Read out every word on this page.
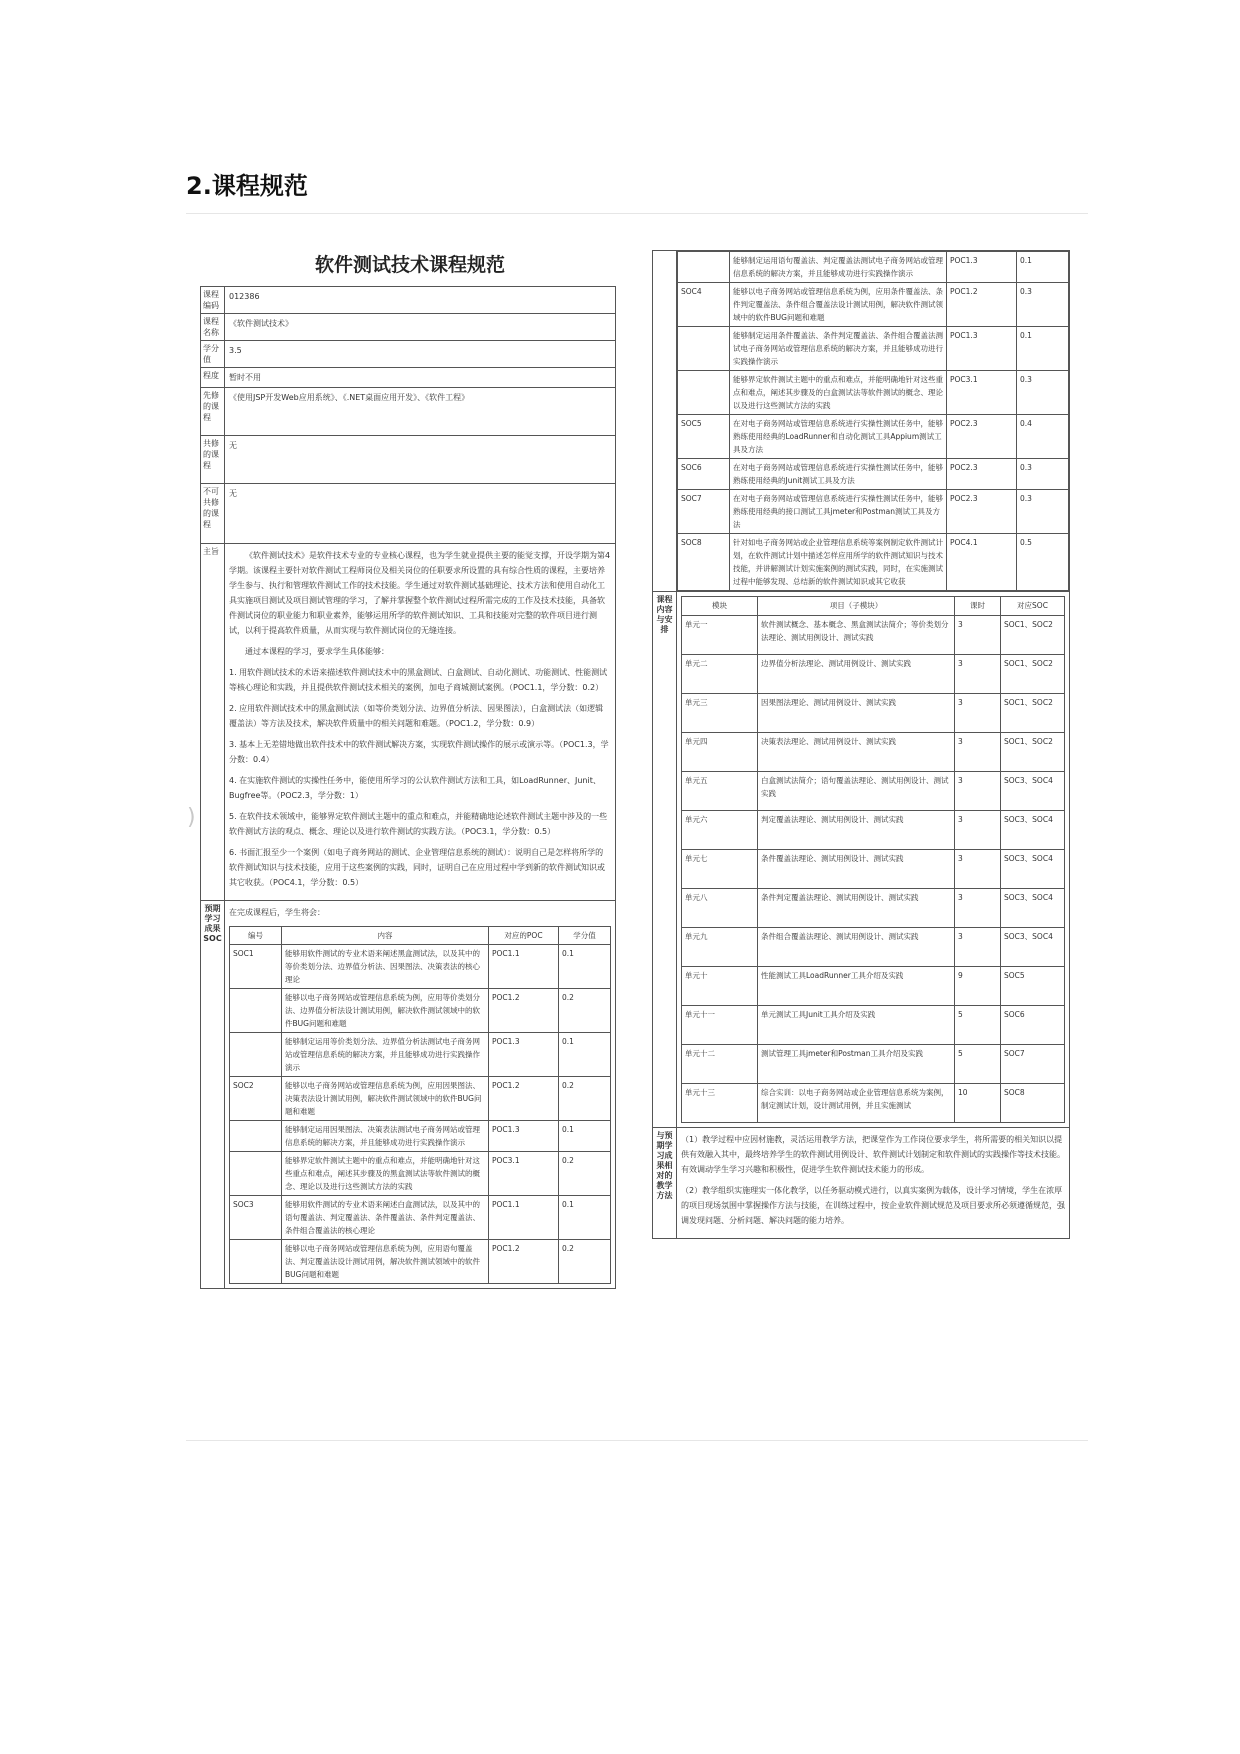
2.课程规范
)
软件测试技术课程规范
课程编码	012386
课程名称	《软件测试技术》
学分值	3.5
程度	暂时不用
先修的课程	《使用JSP开发Web应用系统》、《.NET桌面应用开发》、《软件工程》
共修的课程	无
不可共修的课程	无
主旨	《软件测试技术》是软件技术专业的专业核心课程，也为学生就业提供主要的能觉支撑，开设学期为第4学期。该课程主要针对软件测试工程师岗位及相关岗位的任职要求所设置的具有综合性质的课程，主要培养学生参与、执行和管理软件测试工作的技术技能。学生通过对软件测试基础理论、技术方法和使用自动化工具实施项目测试及项目测试管理的学习，了解并掌握整个软件测试过程所需完成的工作及技术技能，具备软件测试岗位的职业能力和职业素养，能够运用所学的软件测试知识、工具和技能对完整的软件项目进行测试，以利于提高软件质量，从而实现与软件测试岗位的无缝连接。
通过本课程的学习，要求学生具体能够：
1. 用软件测试技术的术语来描述软件测试技术中的黑盒测试、白盒测试、自动化测试、功能测试、性能测试等核心理论和实践，并且提供软件测试技术相关的案例，加电子商城测试案例。（POC1.1，学分数：0.2）
2. 应用软件测试技术中的黑盒测试法（如等价类划分法、边界值分析法、因果图法），白盒测试法（如逻辑覆盖法）等方法及技术，解决软件质量中的相关问题和难题。（POC1.2，学分数：0.9）
3. 基本上无差错地做出软件技术中的软件测试解决方案，实现软件测试操作的展示或演示等。（POC1.3，学分数：0.4）
4. 在实施软件测试的实操性任务中，能使用所学习的公认软件测试方法和工具，如LoadRunner、Junit、Bugfree等。（POC2.3，学分数：1）
5. 在软件技术领域中，能够界定软件测试主题中的重点和难点，并能精确地论述软件测试主题中涉及的一些软件测试方法的观点、概念、理论以及进行软件测试的实践方法。（POC3.1，学分数：0.5）
6. 书面汇报至少一个案例（如电子商务网站的测试、企业管理信息系统的测试）：说明自己是怎样将所学的软件测试知识与技术技能，应用于这些案例的实践，同时，证明自己在应用过程中学到新的软件测试知识或其它收获。（POC4.1，学分数：0.5）

预期学习成果SOC	
在完成课程后，学生将会：
编号	内容	对应的POC	学分值
SOC1	能够用软件测试的专业术语来阐述黑盒测试法，以及其中的等价类划分法、边界值分析法、因果图法、决策表法的核心理论	POC1.1	0.1
	能够以电子商务网站或管理信息系统为例，应用等价类划分法、边界值分析法设计测试用例，解决软件测试领域中的软件BUG问题和难题	POC1.2	0.2
	能够制定运用等价类划分法、边界值分析法测试电子商务网站或管理信息系统的解决方案，并且能够成功进行实践操作演示	POC1.3	0.1
SOC2	能够以电子商务网站或管理信息系统为例，应用因果图法、决策表法设计测试用例，解决软件测试领域中的软件BUG问题和难题	POC1.2	0.2
	能够制定运用因果图法、决策表法测试电子商务网站或管理信息系统的解决方案，并且能够成功进行实践操作演示	POC1.3	0.1
	能够界定软件测试主题中的重点和难点，并能明确地针对这些重点和难点，阐述其步骤及的黑盒测试法等软件测试的概念、理论以及进行这些测试方法的实践	POC3.1	0.2
SOC3	能够用软件测试的专业术语来阐述白盒测试法，以及其中的语句覆盖法、判定覆盖法、条件覆盖法、条件判定覆盖法、条件组合覆盖法的核心理论	POC1.1	0.1
	能够以电子商务网站或管理信息系统为例，应用语句覆盖法、判定覆盖法设计测试用例，解决软件测试领域中的软件BUG问题和难题	POC1.2	0.2

	能够制定运用语句覆盖法、判定覆盖法测试电子商务网站或管理信息系统的解决方案，并且能够成功进行实践操作演示	POC1.3	0.1
SOC4	能够以电子商务网站或管理信息系统为例，应用条件覆盖法、条件判定覆盖法、条件组合覆盖法设计测试用例，解决软件测试领域中的软件BUG问题和难题	POC1.2	0.3
	能够制定运用条件覆盖法、条件判定覆盖法、条件组合覆盖法测试电子商务网站或管理信息系统的解决方案，并且能够成功进行实践操作演示	POC1.3	0.1
	能够界定软件测试主题中的重点和难点，并能明确地针对这些重点和难点，阐述其步骤及的白盒测试法等软件测试的概念、理论以及进行这些测试方法的实践	POC3.1	0.3
SOC5	在对电子商务网站或管理信息系统进行实操性测试任务中，能够熟练使用经典的LoadRunner和自动化测试工具Appium测试工具及方法	POC2.3	0.4
SOC6	在对电子商务网站或管理信息系统进行实操性测试任务中，能够熟练使用经典的Junit测试工具及方法	POC2.3	0.3
SOC7	在对电子商务网站或管理信息系统进行实操性测试任务中，能够熟练使用经典的接口测试工具jmeter和Postman测试工具及方法	POC2.3	0.3
SOC8	针对如电子商务网站或企业管理信息系统等案例制定软件测试计划，在软件测试计划中描述怎样应用所学的软件测试知识与技术技能，并讲解测试计划实施案例的测试实践，同时，在实施测试过程中能够发现、总结新的软件测试知识或其它收获	POC4.1	0.5

课程内容与安排	
模块	项目（子模块）	课时	对应SOC
单元一	软件测试概念、基本概念、黑盒测试法简介；等价类划分法理论、测试用例设计、测试实践	3	SOC1、SOC2
单元二	边界值分析法理论、测试用例设计、测试实践	3	SOC1、SOC2
单元三	因果图法理论、测试用例设计、测试实践	3	SOC1、SOC2
单元四	决策表法理论、测试用例设计、测试实践	3	SOC1、SOC2
单元五	白盒测试法简介；语句覆盖法理论、测试用例设计、测试实践	3	SOC3、SOC4
单元六	判定覆盖法理论、测试用例设计、测试实践	3	SOC3、SOC4
单元七	条件覆盖法理论、测试用例设计、测试实践	3	SOC3、SOC4
单元八	条件判定覆盖法理论、测试用例设计、测试实践	3	SOC3、SOC4
单元九	条件组合覆盖法理论、测试用例设计、测试实践	3	SOC3、SOC4
单元十	性能测试工具LoadRunner工具介绍及实践	9	SOC5
单元十一	单元测试工具Junit工具介绍及实践	5	SOC6
单元十二	测试管理工具jmeter和Postman工具介绍及实践	5	SOC7
单元十三	综合实训：以电子商务网站或企业管理信息系统为案例，制定测试计划，设计测试用例，并且实施测试	10	SOC8

与预期学习成果相对的教学方法	
（1）教学过程中应因材施教，灵活运用教学方法，把课堂作为工作岗位要求学生，将所需要的相关知识以提供有效融入其中，最终培养学生的软件测试用例设计、软件测试计划制定和软件测试的实践操作等技术技能。有效调动学生学习兴趣和积极性，促进学生软件测试技术能力的形成。
（2）教学组织实施理实一体化教学，以任务驱动模式进行，以真实案例为载体，设计学习情境，学生在浓厚的项目现场氛围中掌握操作方法与技能，在训练过程中，按企业软件测试规范及项目要求所必须遵循规范，强调发现问题、分析问题、解决问题的能力培养。
